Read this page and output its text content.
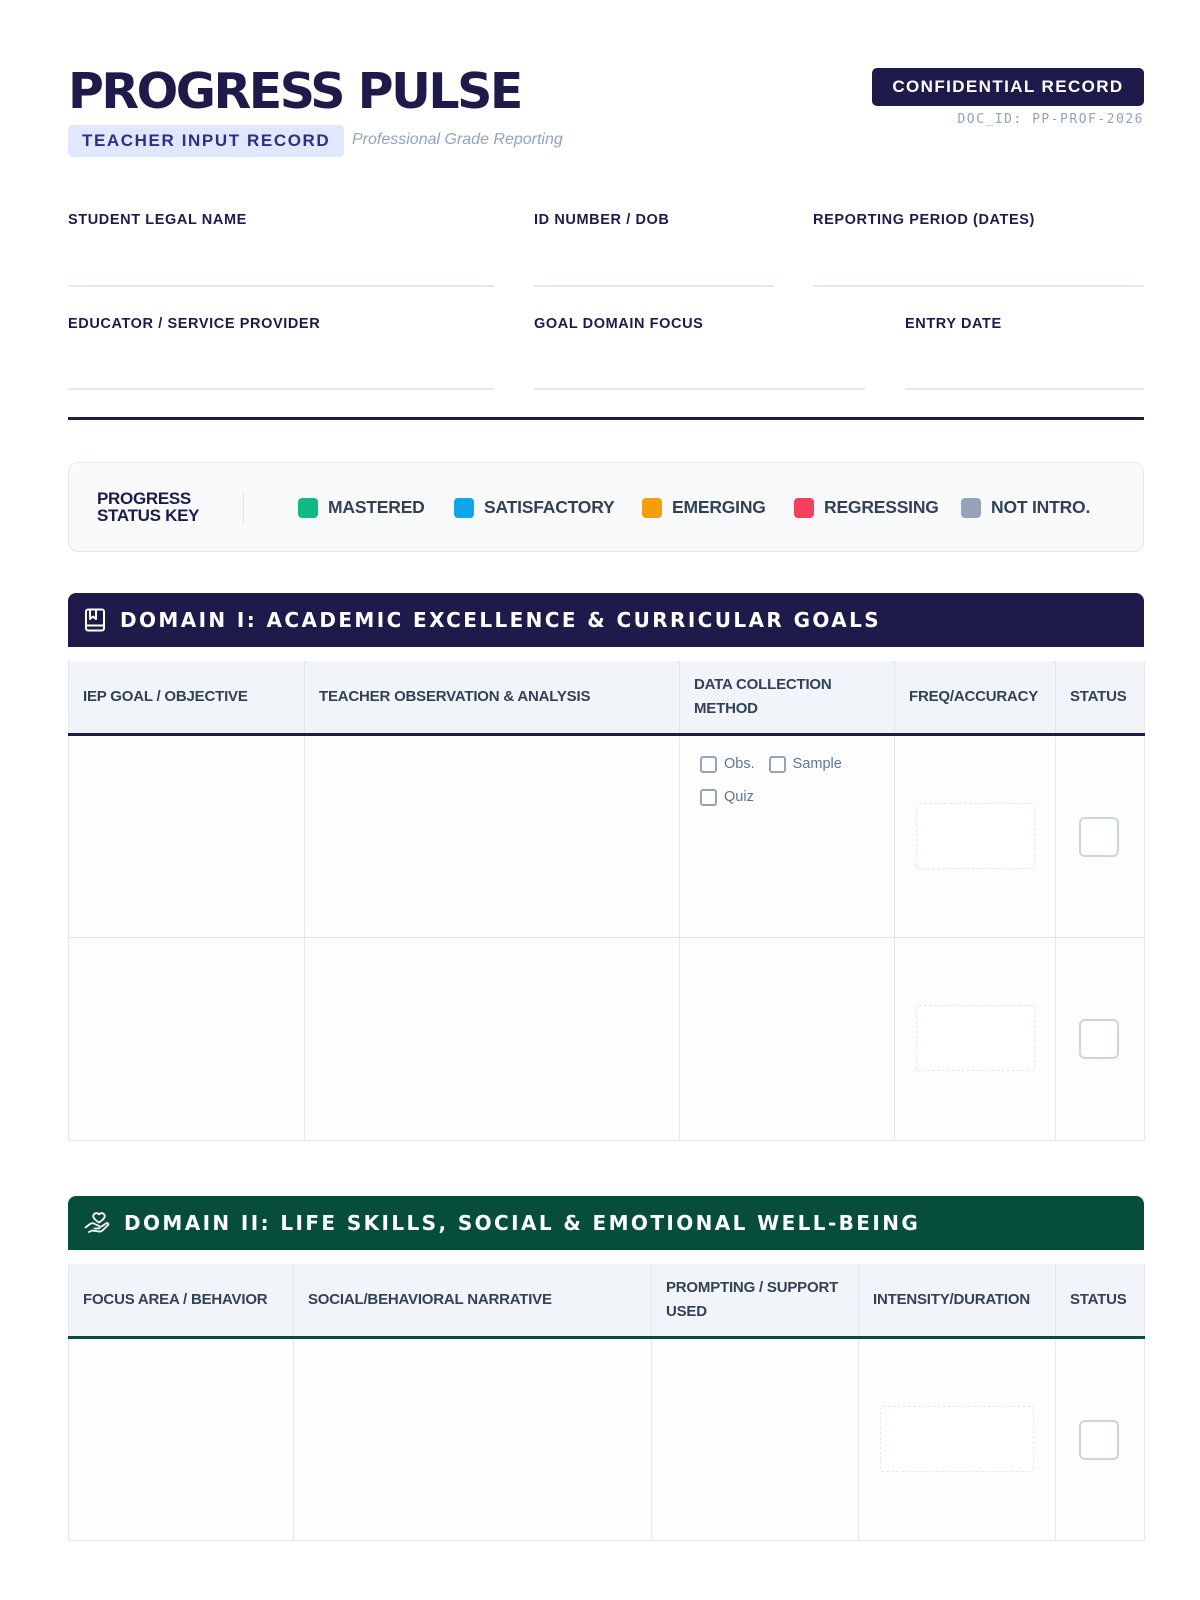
PROGRESS PULSE
TEACHER INPUT RECORD	Professional Grade Reporting
CONFIDENTIAL RECORD
DOC_ID: PP-PROF-2026
STUDENT LEGAL NAME	ID NUMBER / DOB	REPORTING PERIOD (DATES)
EDUCATOR / SERVICE PROVIDER	GOAL DOMAIN FOCUS	ENTRY DATE
PROGRESS
STATUS KEY	MASTERED	SATISFACTORY	EMERGING	REGRESSING	NOT INTRO.
DOMAIN I: ACADEMIC EXCELLENCE & CURRICULAR GOALS
IEP GOAL / OBJECTIVE	TEACHER OBSERVATION & ANALYSIS	DATA COLLECTION METHOD	FREQ/ACCURACY	STATUS

		Obs. Sample
Quiz		

DOMAIN II: LIFE SKILLS, SOCIAL & EMOTIONAL WELL-BEING
FOCUS AREA / BEHAVIOR	SOCIAL/BEHAVIORAL NARRATIVE	PROMPTING / SUPPORT USED	INTENSITY/DURATION	STATUS
